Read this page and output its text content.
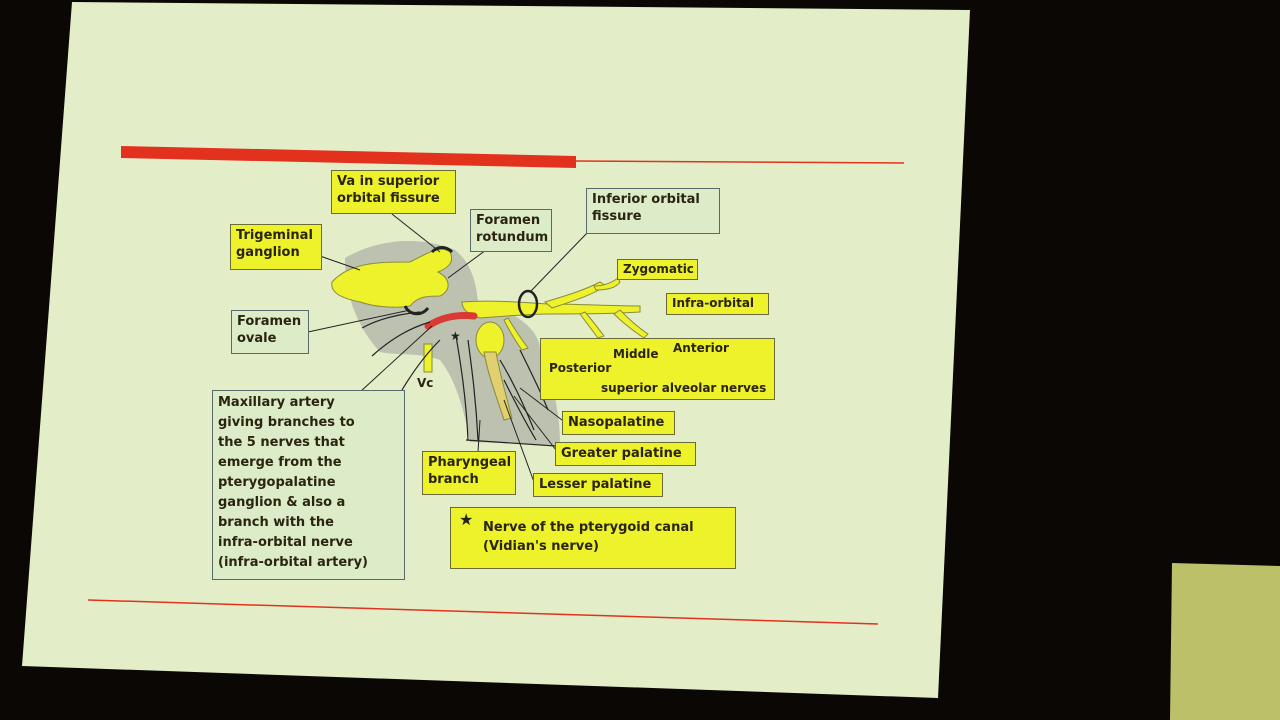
★
Va in superior
orbital fissure	Inferior orbital
fissure
Foramen
rotundum
Trigeminal
ganglion
Zygomatic
Infra-orbital
Foramen
ovale
Middle	Anterior
Posterior
superior alveolar nerves
Vc
Maxillary artery
giving branches to
the 5 nerves that
emerge from the
pterygopalatine
ganglion & also a
branch with the
infra-orbital nerve
(infra-orbital artery)
Nasopalatine
Greater palatine
Pharyngeal
branch	Lesser palatine
★ Nerve of the pterygoid canal
(Vidian's nerve)
